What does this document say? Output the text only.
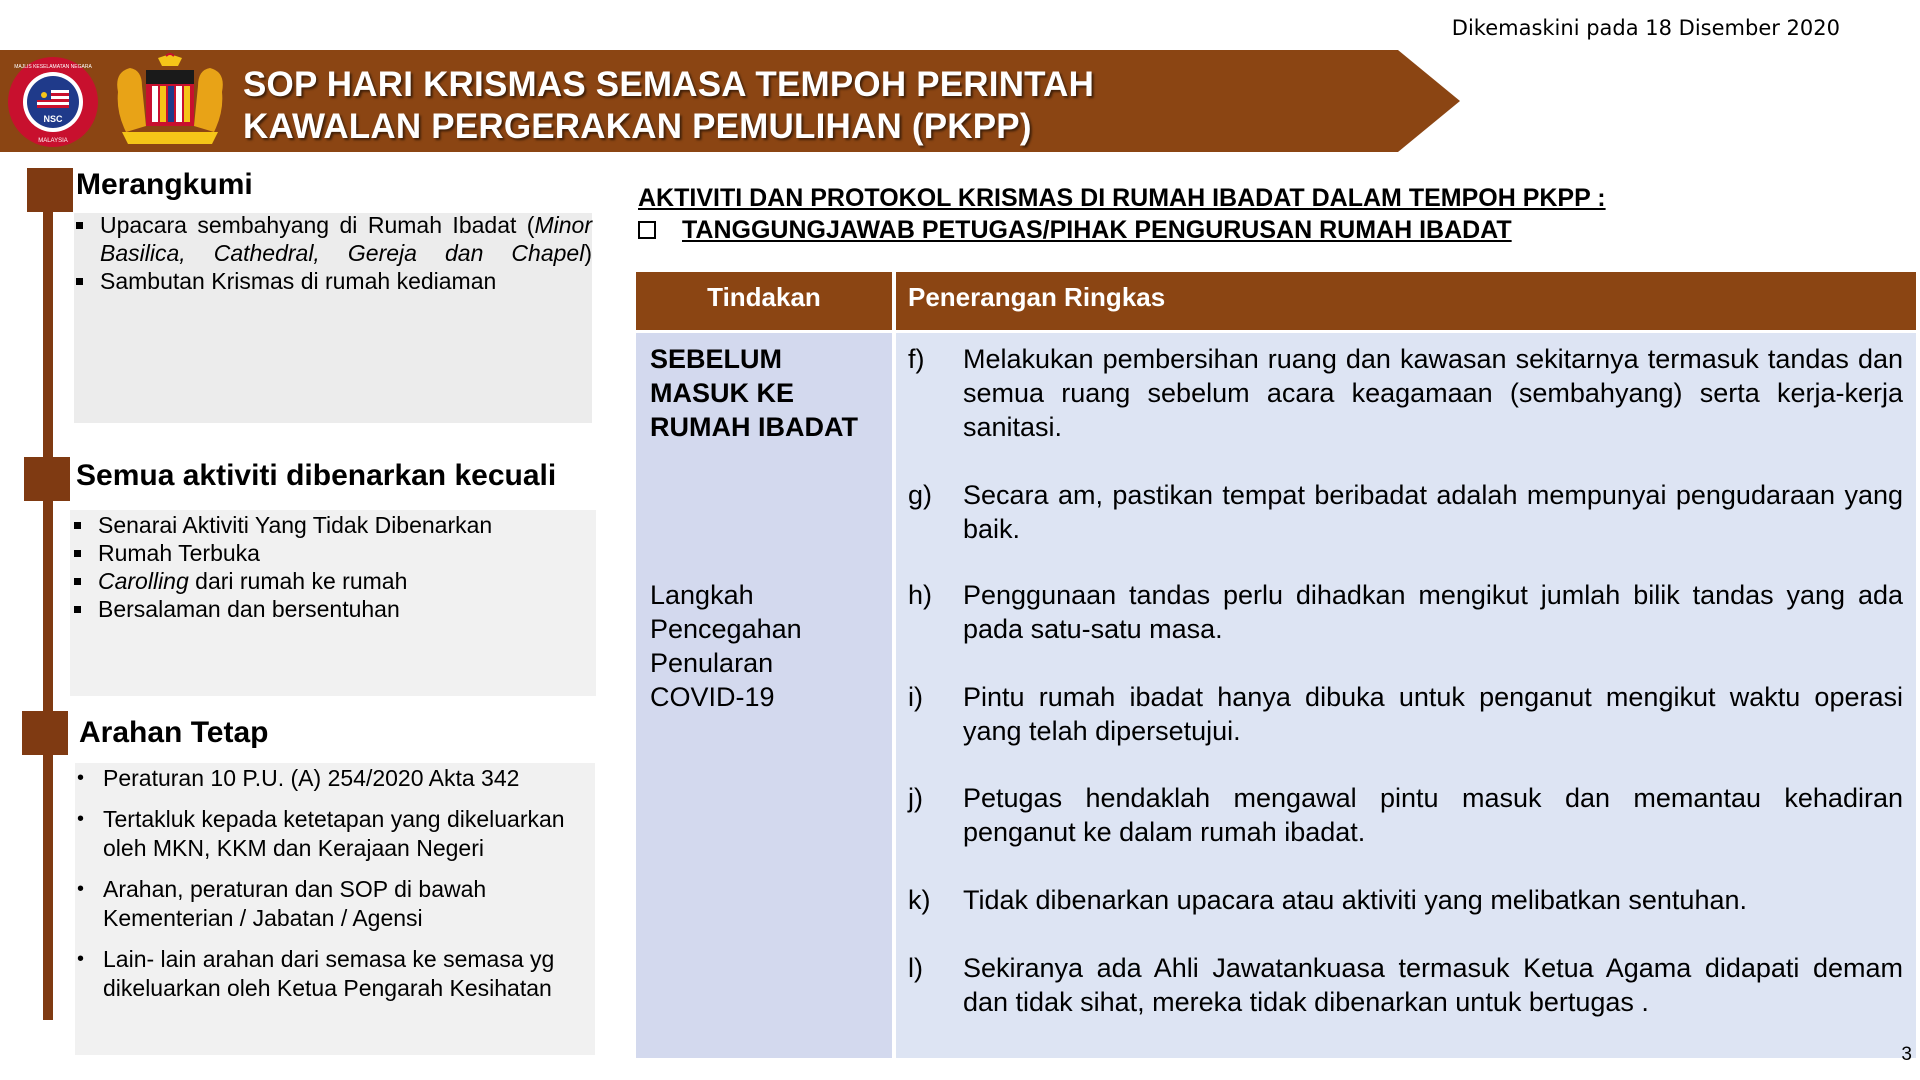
Dikemaskini pada 18 Disember 2020
NSC
MAJLIS KESELAMATAN NEGARA
MALAYSIA
SOP HARI KRISMAS SEMASA TEMPOH PERINTAH
KAWALAN PERGERAKAN PEMULIHAN (PKPP)
Merangkumi
Upacara sembahyang di Rumah Ibadat (Minor Basilica, Cathedral, Gereja dan Chapel)
Sambutan Krismas di rumah kediaman
Semua aktiviti dibenarkan kecuali
Senarai Aktiviti Yang Tidak Dibenarkan
Rumah Terbuka
Carolling dari rumah ke rumah
Bersalaman dan bersentuhan
Arahan Tetap
• Peraturan 10 P.U. (A) 254/2020 Akta 342
• Tertakluk kepada ketetapan yang dikeluarkan oleh MKN, KKM dan Kerajaan Negeri
• Arahan, peraturan dan SOP di bawah Kementerian / Jabatan / Agensi
• Lain- lain arahan dari semasa ke semasa yg dikeluarkan oleh Ketua Pengarah Kesihatan
AKTIVITI DAN PROTOKOL KRISMAS DI RUMAH IBADAT DALAM TEMPOH PKPP :
TANGGUNGJAWAB PETUGAS/PIHAK PENGURUSAN RUMAH IBADAT
Tindakan	Penerangan Ringkas
SEBELUM MASUK KE RUMAH IBADAT
Langkah Pencegahan Penularan COVID-19
f) Melakukan pembersihan ruang dan kawasan sekitarnya termasuk tandas dan semua ruang sebelum acara keagamaan (sembahyang) serta kerja-kerja sanitasi.
g) Secara am, pastikan tempat beribadat adalah mempunyai pengudaraan yang baik.
h) Penggunaan tandas perlu dihadkan mengikut jumlah bilik tandas yang ada pada satu-satu masa.
i) Pintu rumah ibadat hanya dibuka untuk penganut mengikut waktu operasi yang telah dipersetujui.
j) Petugas hendaklah mengawal pintu masuk dan memantau kehadiran penganut ke dalam rumah ibadat.
k) Tidak dibenarkan upacara atau aktiviti yang melibatkan sentuhan.
l) Sekiranya ada Ahli Jawatankuasa termasuk Ketua Agama didapati demam dan tidak sihat, mereka tidak dibenarkan untuk bertugas .
3
